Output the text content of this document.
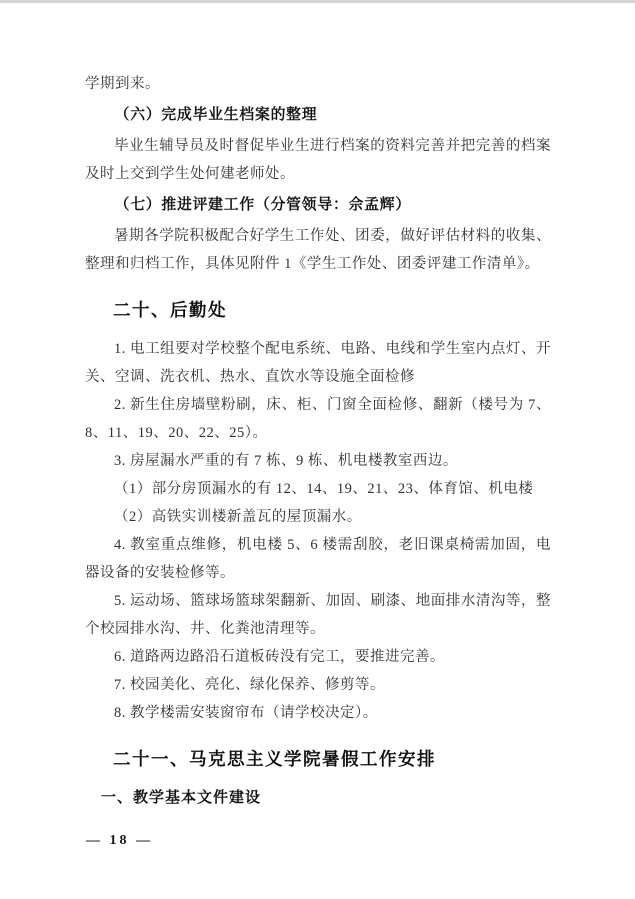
学期到来。

（六）完成毕业生档案的整理

毕业生辅导员及时督促毕业生进行档案的资料完善并把完善的档案及时上交到学生处何建老师处。

（七）推进评建工作（分管领导：佘孟辉）

暑期各学院积极配合好学生工作处、团委，做好评估材料的收集、整理和归档工作，具体见附件 1《学生工作处、团委评建工作清单》。

二十、后勤处

1. 电工组要对学校整个配电系统、电路、电线和学生室内点灯、开关、空调、洗衣机、热水、直饮水等设施全面检修

2. 新生住房墙壁粉刷，床、柜、门窗全面检修、翻新（楼号为 7、8、11、19、20、22、25）。

3. 房屋漏水严重的有 7 栋、9 栋、机电楼教室西边。

（1）部分房顶漏水的有 12、14、19、21、23、体育馆、机电楼

（2）高铁实训楼新盖瓦的屋顶漏水。

4. 教室重点维修，机电楼 5、6 楼需刮胶，老旧课桌椅需加固，电器设备的安装检修等。

5. 运动场、篮球场篮球架翻新、加固、刷漆、地面排水清沟等，整个校园排水沟、井、化粪池清理等。

6. 道路两边路沿石道板砖没有完工，要推进完善。

7. 校园美化、亮化、绿化保养、修剪等。

8. 教学楼需安装窗帘布（请学校决定）。

二十一、马克思主义学院暑假工作安排

一、教学基本文件建设

— 18 —
